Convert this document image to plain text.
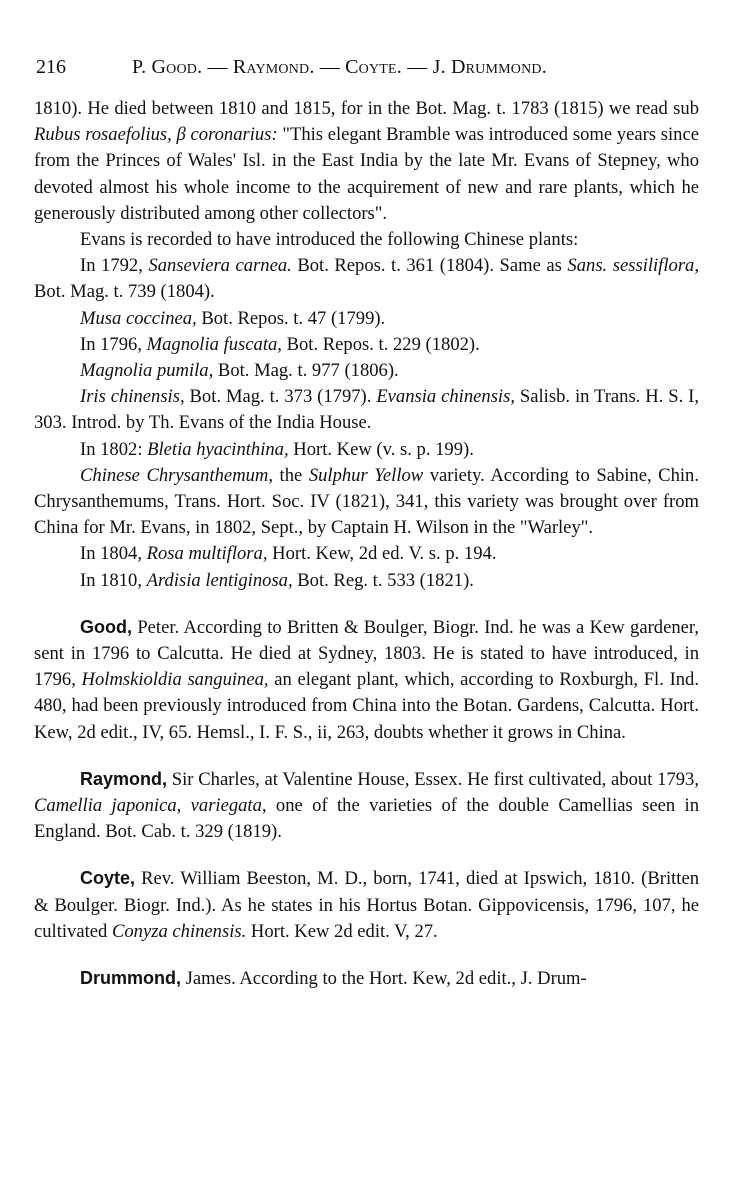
216	P. Good. — Raymond. — Coyte. — J. Drummond.

1810). He died between 1810 and 1815, for in the Bot. Mag. t. 1783 (1815) we read sub Rubus rosaefolius, β coronarius: "This elegant Bramble was introduced some years since from the Princes of Wales' Isl. in the East India by the late Mr. Evans of Stepney, who devoted almost his whole income to the acquirement of new and rare plants, which he generously distributed among other collectors".

Evans is recorded to have introduced the following Chinese plants:

In 1792, Sanseviera carnea. Bot. Repos. t. 361 (1804). Same as Sans. sessiliflora, Bot. Mag. t. 739 (1804).

Musa coccinea, Bot. Repos. t. 47 (1799).

In 1796, Magnolia fuscata, Bot. Repos. t. 229 (1802).

Magnolia pumila, Bot. Mag. t. 977 (1806).

Iris chinensis, Bot. Mag. t. 373 (1797). Evansia chinensis, Salisb. in Trans. H. S. I, 303. Introd. by Th. Evans of the India House.

In 1802: Bletia hyacinthina, Hort. Kew (v. s. p. 199).

Chinese Chrysanthemum, the Sulphur Yellow variety. According to Sabine, Chin. Chrysanthemums, Trans. Hort. Soc. IV (1821), 341, this variety was brought over from China for Mr. Evans, in 1802, Sept., by Captain H. Wilson in the "Warley".

In 1804, Rosa multiflora, Hort. Kew, 2d ed. V. s. p. 194.

In 1810, Ardisia lentiginosa, Bot. Reg. t. 533 (1821).

Good, Peter. According to Britten & Boulger, Biogr. Ind. he was a Kew gardener, sent in 1796 to Calcutta. He died at Sydney, 1803. He is stated to have introduced, in 1796, Holmskioldia sanguinea, an elegant plant, which, according to Roxburgh, Fl. Ind. 480, had been previously introduced from China into the Botan. Gardens, Calcutta. Hort. Kew, 2d edit., IV, 65. Hemsl., I. F. S., ii, 263, doubts whether it grows in China.

Raymond, Sir Charles, at Valentine House, Essex. He first cultivated, about 1793, Camellia japonica, variegata, one of the varieties of the double Camellias seen in England. Bot. Cab. t. 329 (1819).

Coyte, Rev. William Beeston, M. D., born, 1741, died at Ipswich, 1810. (Britten & Boulger. Biogr. Ind.). As he states in his Hortus Botan. Gippovicensis, 1796, 107, he cultivated Conyza chinensis. Hort. Kew 2d edit. V, 27.

Drummond, James. According to the Hort. Kew, 2d edit., J. Drum-
